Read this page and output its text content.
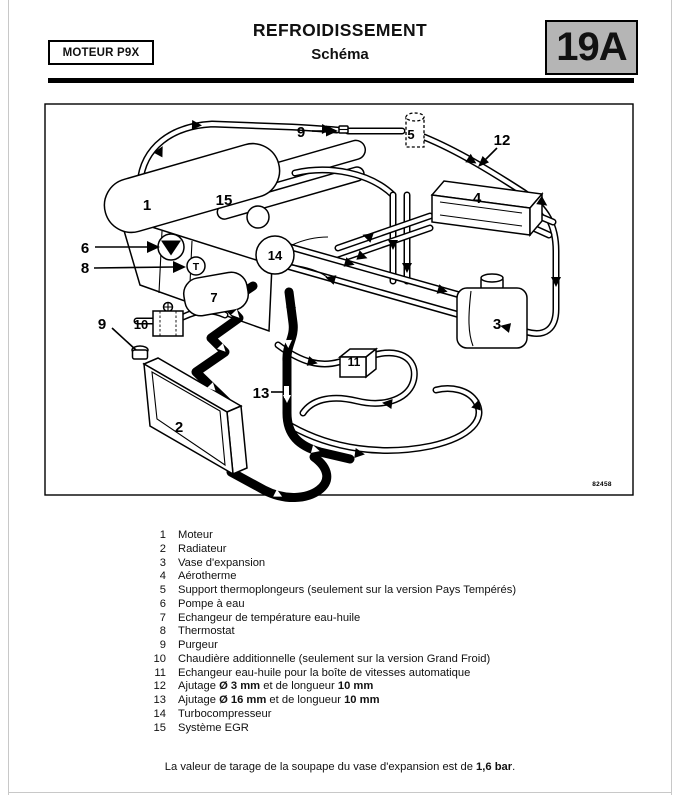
MOTEUR P9X
REFROIDISSEMENT
Schéma	19A
T
1	15
14
6
8
7
10
9
2
13
11
3
4
5
9	12
82458
1 Moteur
2 Radiateur
3 Vase d'expansion
4 Aérotherme
5 Support thermoplongeurs (seulement sur la version Pays Tempérés)
6 Pompe à eau
7 Echangeur de température eau-huile
8 Thermostat
9 Purgeur
10 Chaudière additionnelle (seulement sur la version Grand Froid)
11 Echangeur eau-huile pour la boîte de vitesses automatique
12 Ajutage Ø 3 mm et de longueur 10 mm
13 Ajutage Ø 16 mm et de longueur 10 mm
14 Turbocompresseur
15 Système EGR
La valeur de tarage de la soupape du vase d'expansion est de 1,6 bar.
